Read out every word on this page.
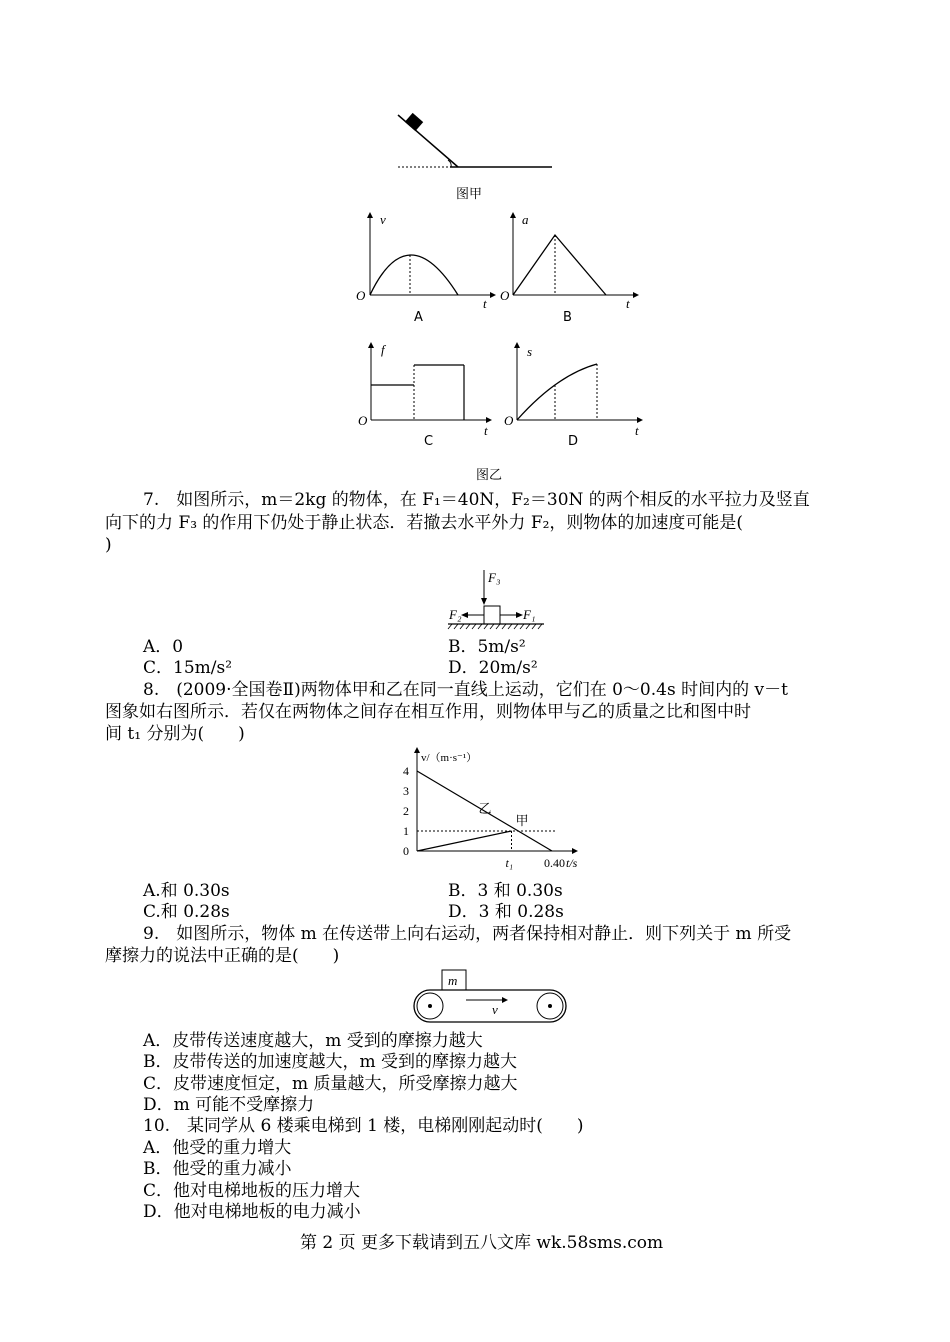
图甲
v
t
O
A
a
t
O
B
f
t
O
C
s
t
O
D
图乙
7.　如图所示，m＝2kg 的物体，在 F₁＝40N，F₂＝30N 的两个相反的水平拉力及竖直
向下的力 F₃ 的作用下仍处于静止状态．若撤去水平外力 F₂，则物体的加速度可能是(
)
F₃
F₂	F₁
A．0	B．5m/s²
C．15m/s²	D．20m/s²
8.　(2009·全国卷Ⅱ)两物体甲和乙在同一直线上运动，它们在 0～0.4s 时间内的 v－t
图象如右图所示．若仅在两物体之间存在相互作用，则物体甲与乙的质量之比和图中时
间 t₁ 分别为(　　)
v/（m·s⁻¹）
t/s
0
1
2
3
4
乙
甲
t₁	0.40
A.和 0.30s	B．3 和 0.30s
C.和 0.28s	D．3 和 0.28s
9.　如图所示，物体 m 在传送带上向右运动，两者保持相对静止．则下列关于 m 所受
摩擦力的说法中正确的是(　　)
m
v
A．皮带传送速度越大，m 受到的摩擦力越大
B．皮带传送的加速度越大，m 受到的摩擦力越大
C．皮带速度恒定，m 质量越大，所受摩擦力越大
D．m 可能不受摩擦力
10.　某同学从 6 楼乘电梯到 1 楼，电梯刚刚起动时(　　)
A．他受的重力增大
B．他受的重力减小
C．他对电梯地板的压力增大
D．他对电梯地板的电力减小
第 2 页 更多下载请到五八文库 wk.58sms.com
